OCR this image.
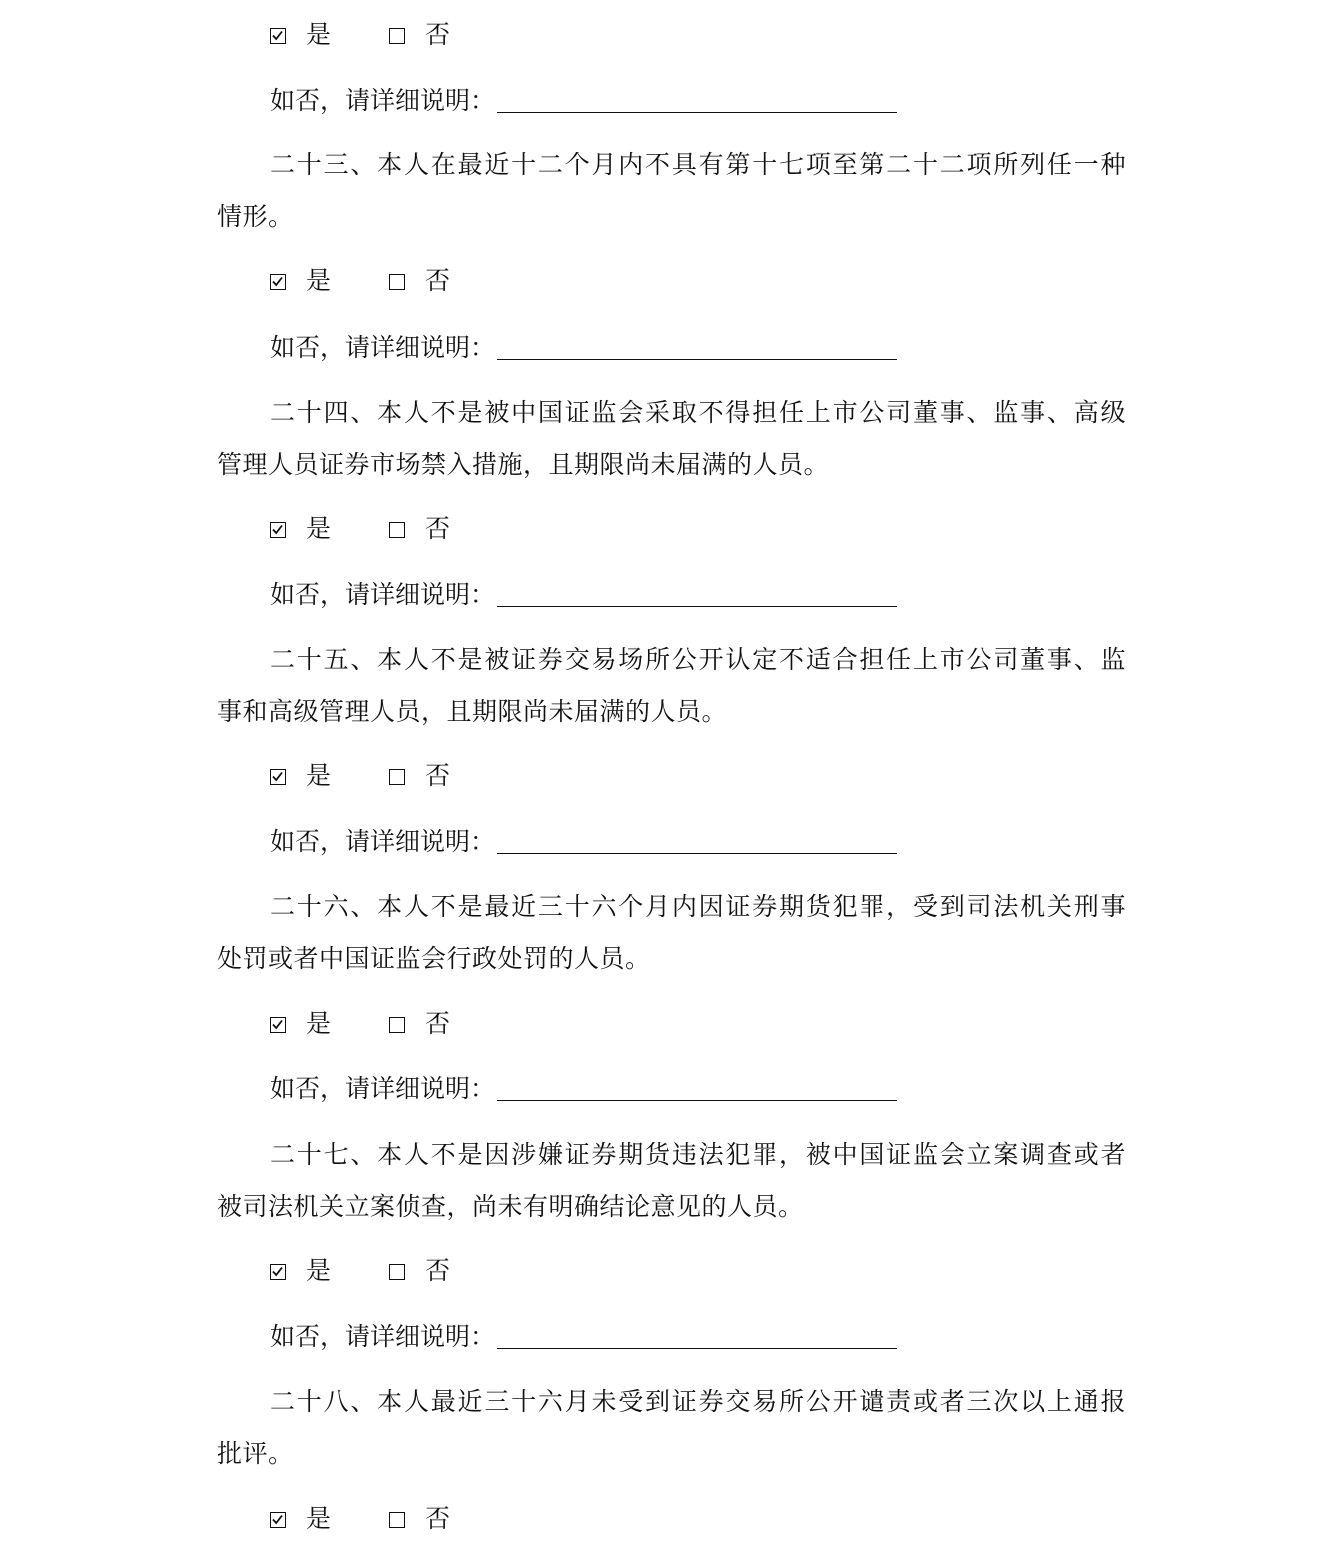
是	否
如否，请详细说明：
二十三、本人在最近十二个月内不具有第十七项至第二十二项所列任一种
情形。
是	否
如否，请详细说明：
二十四、本人不是被中国证监会采取不得担任上市公司董事、监事、高级
管理人员证券市场禁入措施，且期限尚未届满的人员。
是	否
如否，请详细说明：
二十五、本人不是被证券交易场所公开认定不适合担任上市公司董事、监
事和高级管理人员，且期限尚未届满的人员。
是	否
如否，请详细说明：
二十六、本人不是最近三十六个月内因证券期货犯罪，受到司法机关刑事
处罚或者中国证监会行政处罚的人员。
是	否
如否，请详细说明：
二十七、本人不是因涉嫌证券期货违法犯罪，被中国证监会立案调查或者
被司法机关立案侦查，尚未有明确结论意见的人员。
是	否
如否，请详细说明：
二十八、本人最近三十六月未受到证券交易所公开谴责或者三次以上通报
批评。
是	否
